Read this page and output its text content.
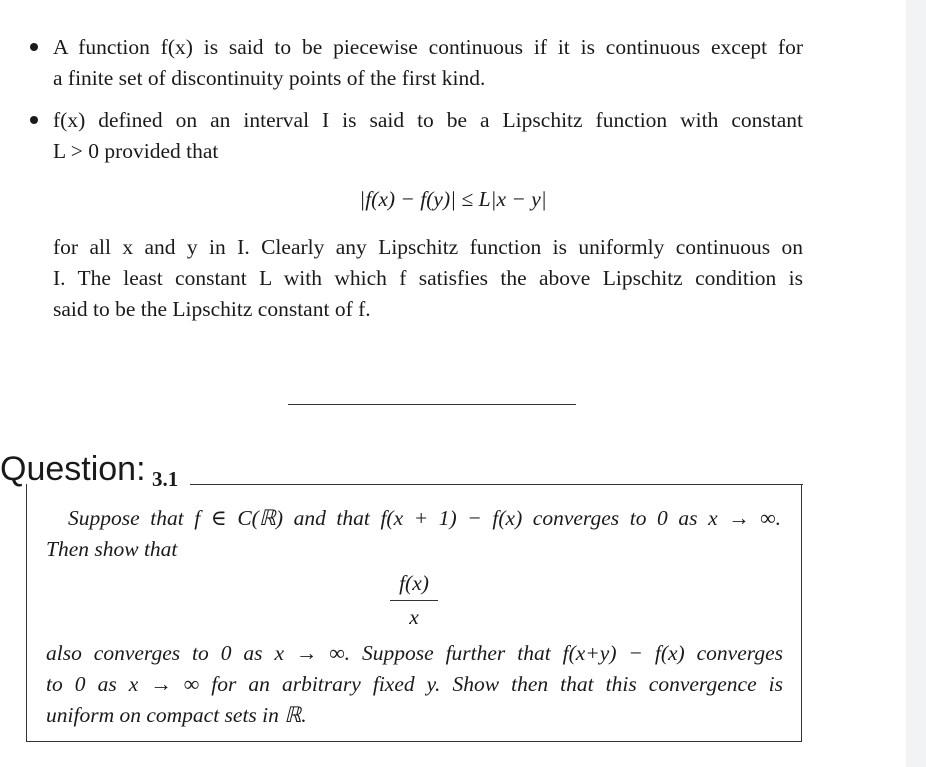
A function f(x) is said to be piecewise continuous if it is continuous except for
a finite set of discontinuity points of the first kind.
f(x) defined on an interval I is said to be a Lipschitz function with constant
L > 0 provided that
|f(x) − f(y)| ≤ L|x − y|
for all x and y in I. Clearly any Lipschitz function is uniformly continuous on
I. The least constant L with which f satisfies the above Lipschitz condition is
said to be the Lipschitz constant of f.
Question: 3.1
Suppose that f ∈ C(ℝ) and that f(x + 1) − f(x) converges to 0 as x → ∞.
Then show that
f(x)
x
also converges to 0 as x → ∞. Suppose further that f(x+y) − f(x) converges
to 0 as x → ∞ for an arbitrary fixed y. Show then that this convergence is
uniform on compact sets in ℝ.
